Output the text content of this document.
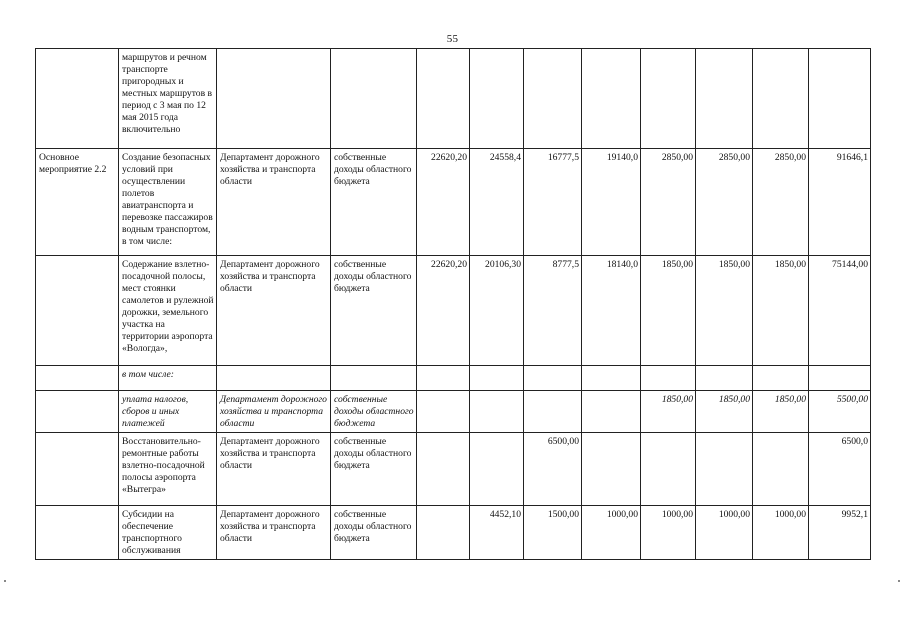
55
	маршрутов и речном транспорте пригородных и местных маршрутов в период с 3 мая по 12 мая 2015 года включительно										
Основное мероприятие 2.2	Создание безопасных условий при осуществлении полетов авиатранспорта и перевозке пассажиров водным транспортом, в том числе:	Департамент дорожного хозяйства и транспорта области	собственные доходы областного бюджета	22620,20	24558,4	16777,5	19140,0	2850,00	2850,00	2850,00	91646,1
	Содержание взлетно-посадочной полосы, мест стоянки самолетов и рулежной дорожки, земельного участка на территории аэропорта «Вологда»,	Департамент дорожного хозяйства и транспорта области	собственные доходы областного бюджета	22620,20	20106,30	8777,5	18140,0	1850,00	1850,00	1850,00	75144,00
	в том числе:										
	уплата налогов, сборов и иных платежей	Департамент дорожного хозяйства и транспорта области	собственные доходы областного бюджета					1850,00	1850,00	1850,00	5500,00
	Восстановительно-ремонтные работы взлетно-посадочной полосы аэропорта «Вытегра»	Департамент дорожного хозяйства и транспорта области	собственные доходы областного бюджета			6500,00					6500,0
	Субсидии на обеспечение транспортного обслуживания	Департамент дорожного хозяйства и транспорта области	собственные доходы областного бюджета		4452,10	1500,00	1000,00	1000,00	1000,00	1000,00	9952,1
